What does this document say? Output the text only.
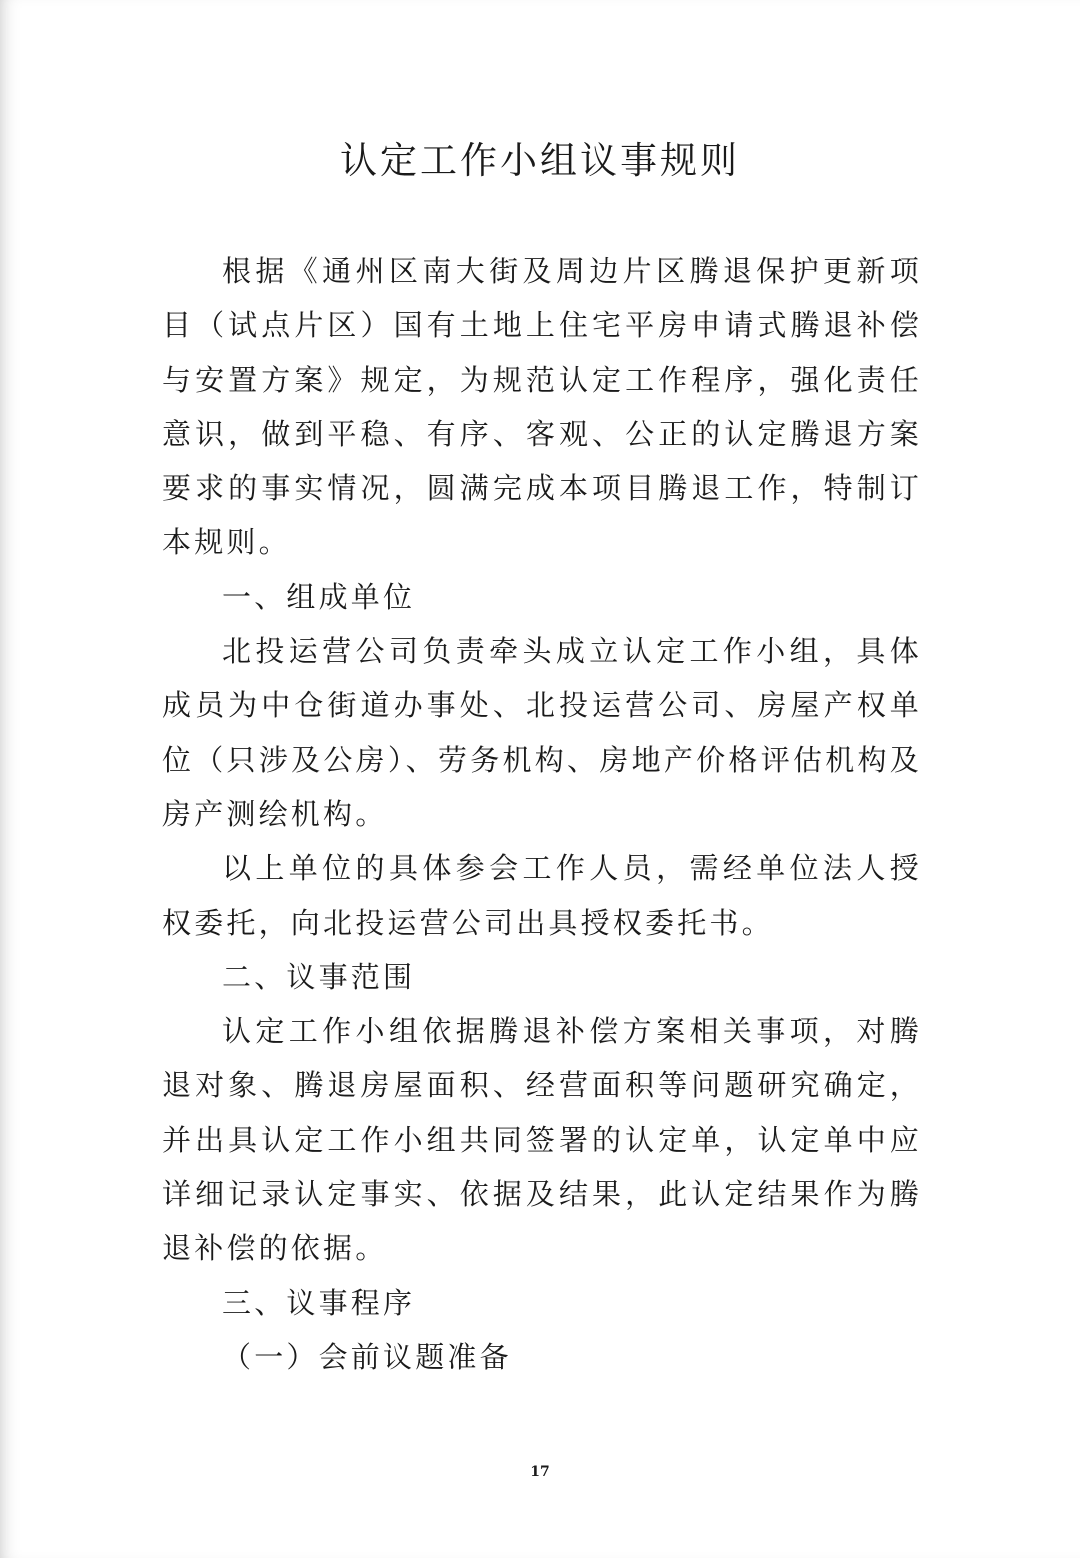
认定工作小组议事规则

根据《通州区南大街及周边片区腾退保护更新项目（试点片区）国有土地上住宅平房申请式腾退补偿与安置方案》规定，为规范认定工作程序，强化责任意识，做到平稳、有序、客观、公正的认定腾退方案要求的事实情况，圆满完成本项目腾退工作，特制订本规则。

一、组成单位

北投运营公司负责牵头成立认定工作小组，具体成员为中仓街道办事处、北投运营公司、房屋产权单位（只涉及公房）、劳务机构、房地产价格评估机构及房产测绘机构。

以上单位的具体参会工作人员，需经单位法人授权委托，向北投运营公司出具授权委托书。

二、议事范围

认定工作小组依据腾退补偿方案相关事项，对腾退对象、腾退房屋面积、经营面积等问题研究确定，并出具认定工作小组共同签署的认定单，认定单中应详细记录认定事实、依据及结果，此认定结果作为腾退补偿的依据。

三、议事程序

（一）会前议题准备

17
